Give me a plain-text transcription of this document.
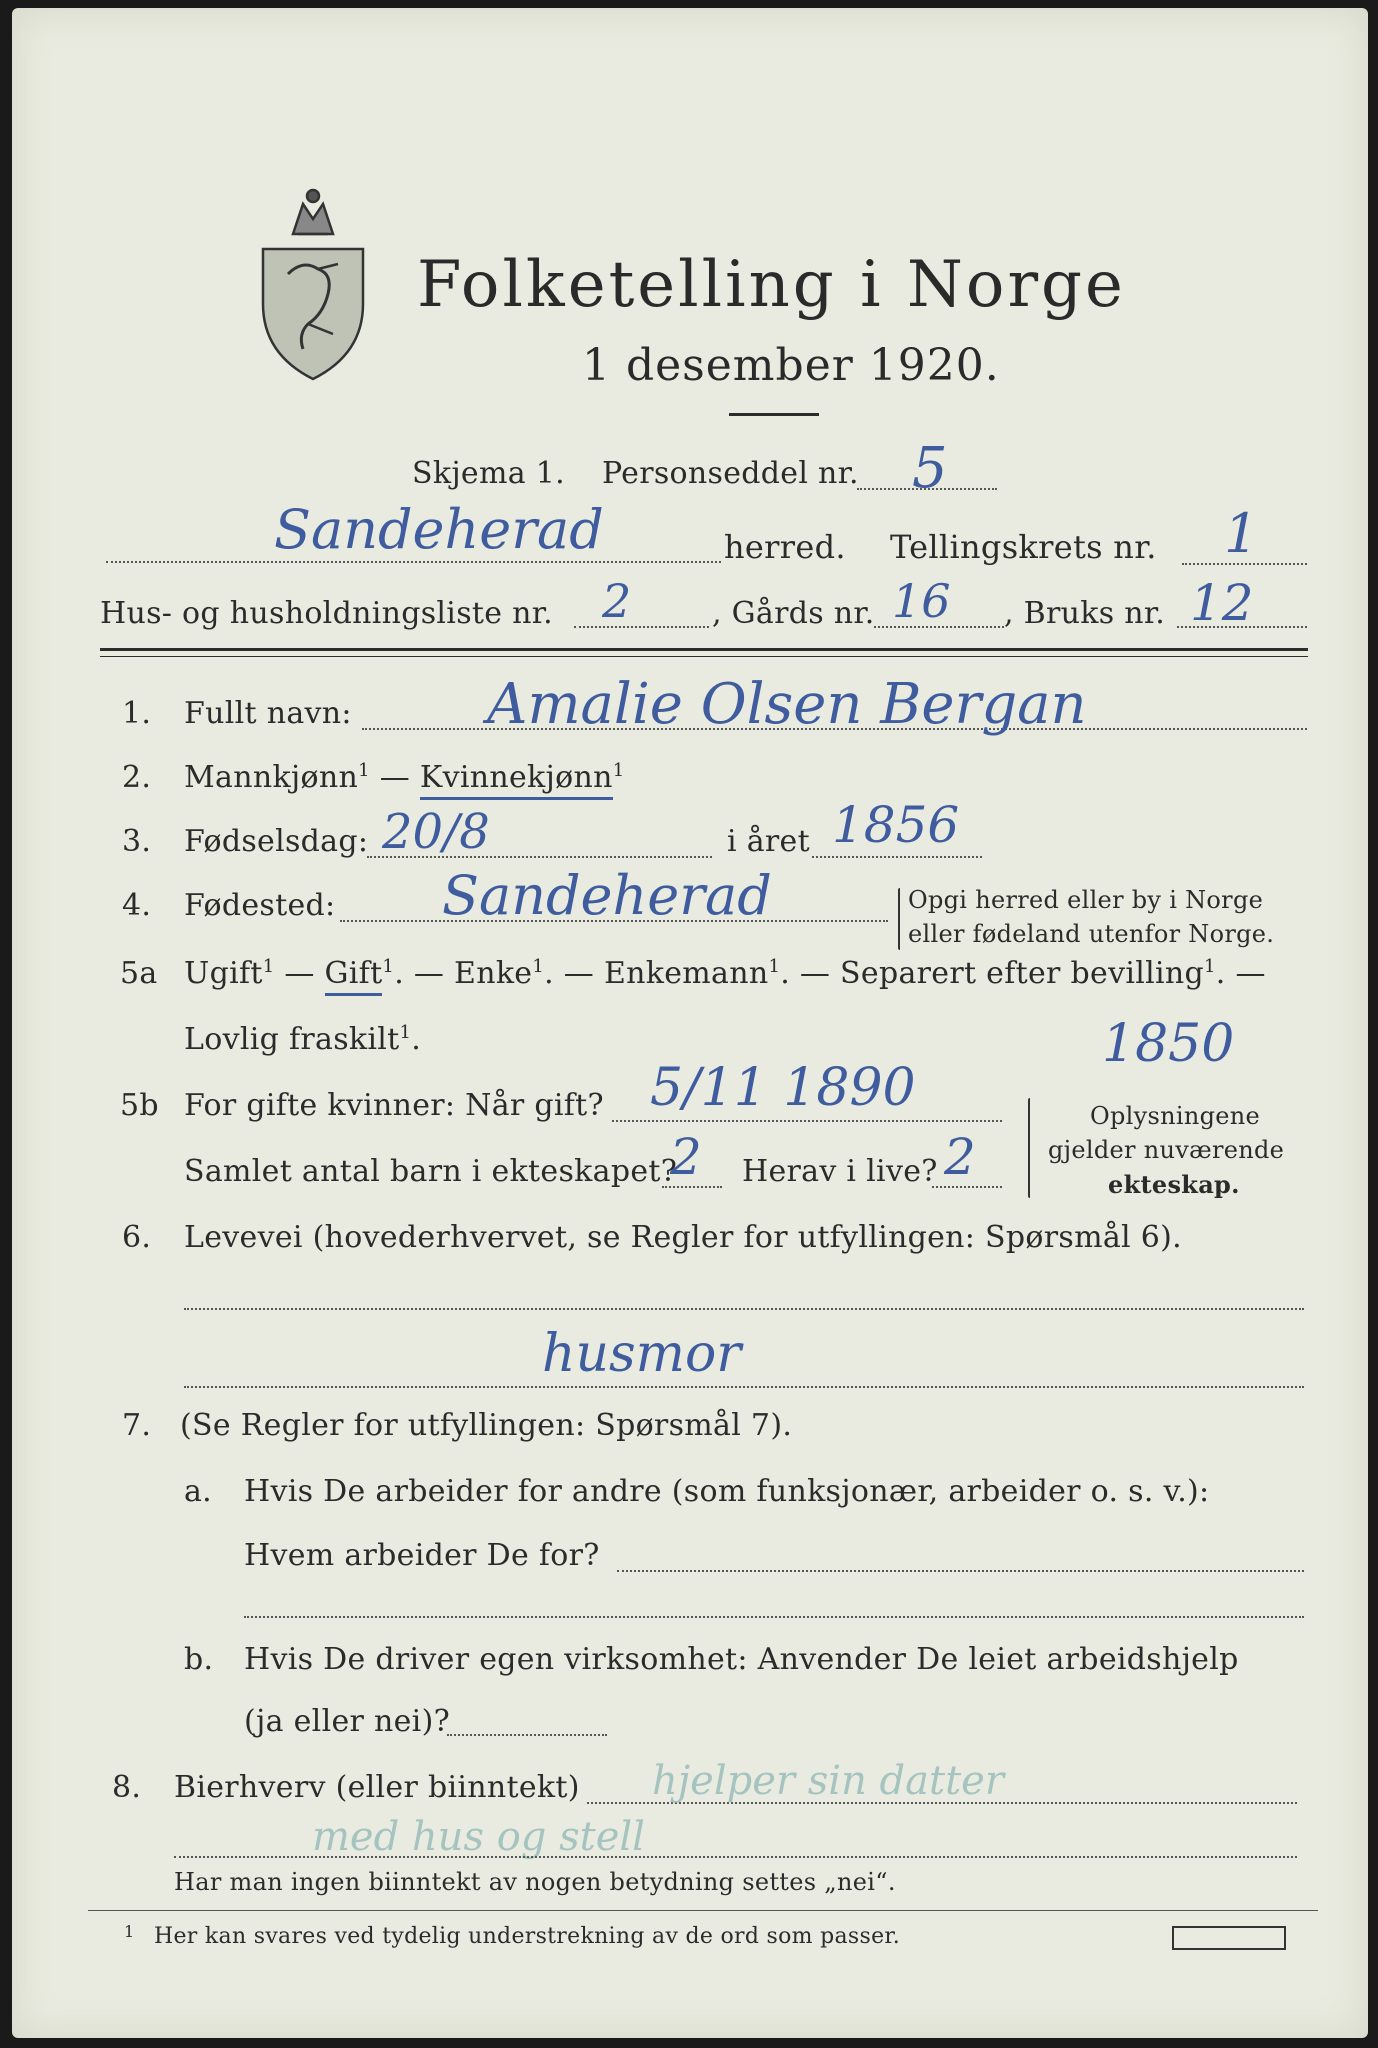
Folketelling i Norge
1 desember 1920.
Skjema 1. Personseddel nr. 5
Sandeherad	herred. Tellingskrets nr. 1
Hus- og husholdningsliste nr. 2	, Gårds nr. 16 , Bruks nr. 12
1. Fullt navn: Amalie Olsen Bergan
2. Mannkjønn$^1$ — Kvinnekjønn$^1$
3. Fødselsdag: 20/8	i året 1856
4. Fødested: Sandeherad	Opgi herred eller by i Norge
eller fødeland utenfor Norge.
5a Ugift$^1$ — Gift$^1$. — Enke$^1$. — Enkemann$^1$. — Separert efter bevilling$^1$. —
Lovlig fraskilt$^1$.	1850
5b For gifte kvinner: Når gift? 5/11 1890
Samlet antal barn i ekteskapet?
2 Herav i live? 2
Oplysningene
gjelder nuværende
ekteskap.
6. Levevei (hovederhvervet, se Regler for utfyllingen: Spørsmål 6).
husmor
7. (Se Regler for utfyllingen: Spørsmål 7).
a. Hvis De arbeider for andre (som funksjonær, arbeider o. s. v.):
Hvem arbeider De for?
b. Hvis De driver egen virksomhet: Anvender De leiet arbeidshjelp
(ja eller nei)?
8. Bierhverv (eller biinntekt) hjelper sin datter
med hus og stell
Har man ingen biinntekt av nogen betydning settes „nei“.
1 Her kan svares ved tydelig understrekning av de ord som passer.
